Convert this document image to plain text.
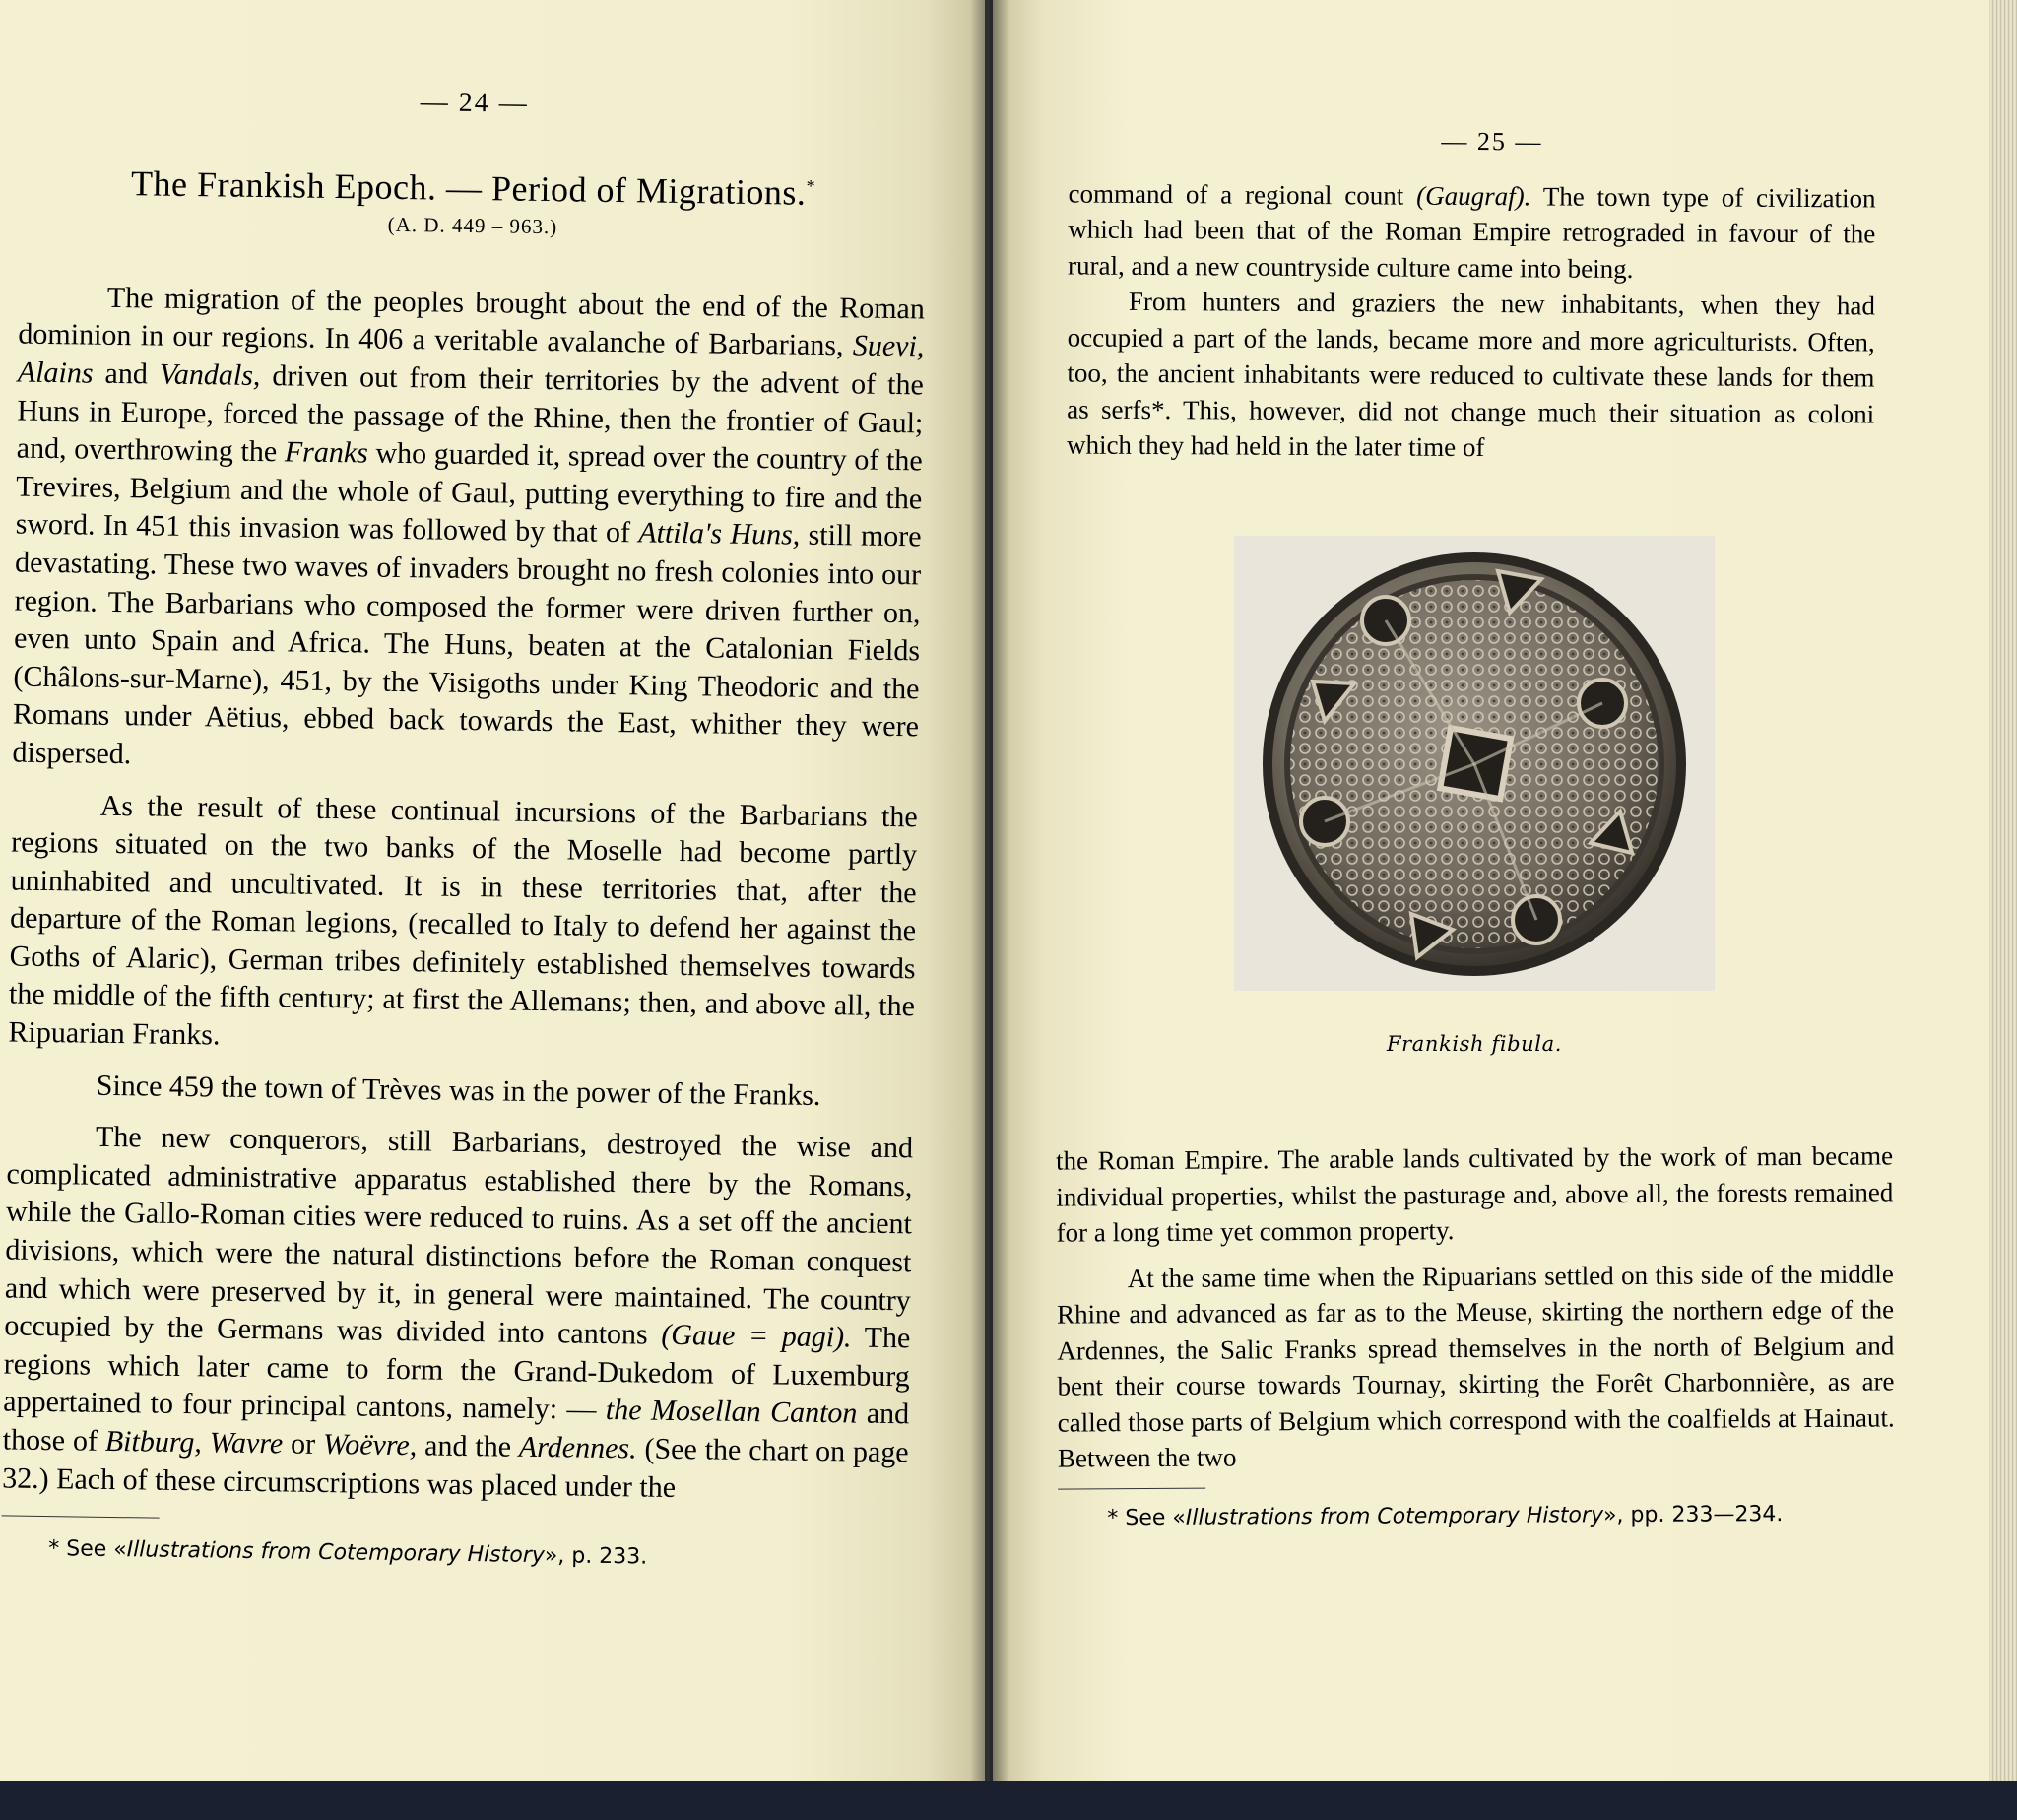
— 24 —
The Frankish Epoch. — Period of Migrations.*
(A. D. 449 – 963.)

The migration of the peoples brought about the end of the Roman dominion in our regions. In 406 a veritable avalanche of Barbarians, Suevi, Alains and Vandals, driven out from their territories by the advent of the Huns in Europe, forced the passage of the Rhine, then the frontier of Gaul; and, overthrowing the Franks who guarded it, spread over the country of the Trevires, Belgium and the whole of Gaul, putting everything to fire and the sword. In 451 this invasion was followed by that of Attila's Huns, still more devastating. These two waves of invaders brought no fresh colonies into our region. The Barbarians who composed the former were driven further on, even unto Spain and Africa. The Huns, beaten at the Catalonian Fields (Châlons-sur-Marne), 451, by the Visigoths under King Theodoric and the Romans under Aëtius, ebbed back towards the East, whither they were dispersed.

As the result of these continual incursions of the Barbarians the regions situated on the two banks of the Moselle had become partly uninhabited and uncultivated. It is in these territories that, after the departure of the Roman legions, (recalled to Italy to defend her against the Goths of Alaric), German tribes definitely established themselves towards the middle of the fifth century; at first the Allemans; then, and above all, the Ripuarian Franks.

Since 459 the town of Trèves was in the power of the Franks.

The new conquerors, still Barbarians, destroyed the wise and complicated administrative apparatus established there by the Romans, while the Gallo-Roman cities were reduced to ruins. As a set off the ancient divisions, which were the natural distinctions before the Roman conquest and which were preserved by it, in general were maintained. The country occupied by the Germans was divided into cantons (Gaue = pagi). The regions which later came to form the Grand-Dukedom of Luxemburg appertained to four principal cantons, namely: — the Mosellan Canton and those of Bitburg, Wavre or Woëvre, and the Ardennes. (See the chart on page 32.) Each of these circumscriptions was placed under the

* See «Illustrations from Cotemporary History», p. 233.
— 25 —

command of a regional count (Gaugraf). The town type of civilization which had been that of the Roman Empire retrograded in favour of the rural, and a new countryside culture came into being.

From hunters and graziers the new inhabitants, when they had occupied a part of the lands, became more and more agriculturists. Often, too, the ancient inhabitants were reduced to cultivate these lands for them as serfs*. This, however, did not change much their situation as coloni which they had held in the later time of

Frankish fibula.

the Roman Empire. The arable lands cultivated by the work of man became individual properties, whilst the pasturage and, above all, the forests remained for a long time yet common property.

At the same time when the Ripuarians settled on this side of the middle Rhine and advanced as far as to the Meuse, skirting the northern edge of the Ardennes, the Salic Franks spread themselves in the north of Belgium and bent their course towards Tournay, skirting the Forêt Charbonnière, as are called those parts of Belgium which correspond with the coalfields at Hainaut. Between the two

* See «Illustrations from Cotemporary History», pp. 233—234.
